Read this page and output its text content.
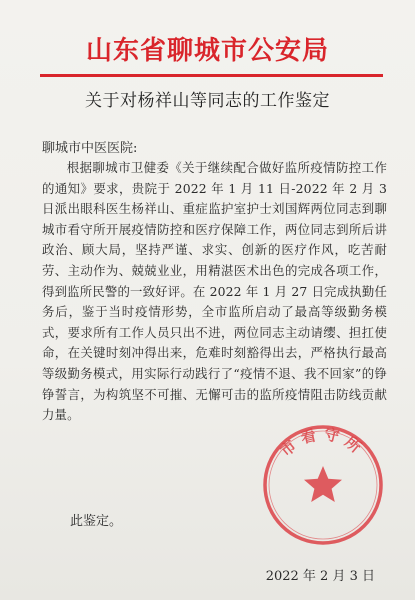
山东省聊城市公安局
关于对杨祥山等同志的工作鉴定
聊城市中医医院:
根据聊城市卫健委《关于继续配合做好监所疫情防控工作的通知》要求，贵院于 2022 年 1 月 11 日-2022 年 2 月 3 日派出眼科医生杨祥山、重症监护室护士刘国辉两位同志到聊城市看守所开展疫情防控和医疗保障工作，两位同志到所后讲政治、顾大局，坚持严谨、求实、创新的医疗作风，吃苦耐劳、主动作为、兢兢业业，用精湛医术出色的完成各项工作，得到监所民警的一致好评。在 2022 年 1 月 27 日完成执勤任务后，鉴于当时疫情形势，全市监所启动了最高等级勤务模式，要求所有工作人员只出不进，两位同志主动请缨、担扛使命，在关键时刻冲得出来，危难时刻豁得出去，严格执行最高等级勤务模式，用实际行动践行了“疫情不退、我不回家”的铮铮誓言，为构筑坚不可摧、无懈可击的监所疫情阻击防线贡献力量。
此鉴定。
市看守所
2022 年 2 月 3 日
